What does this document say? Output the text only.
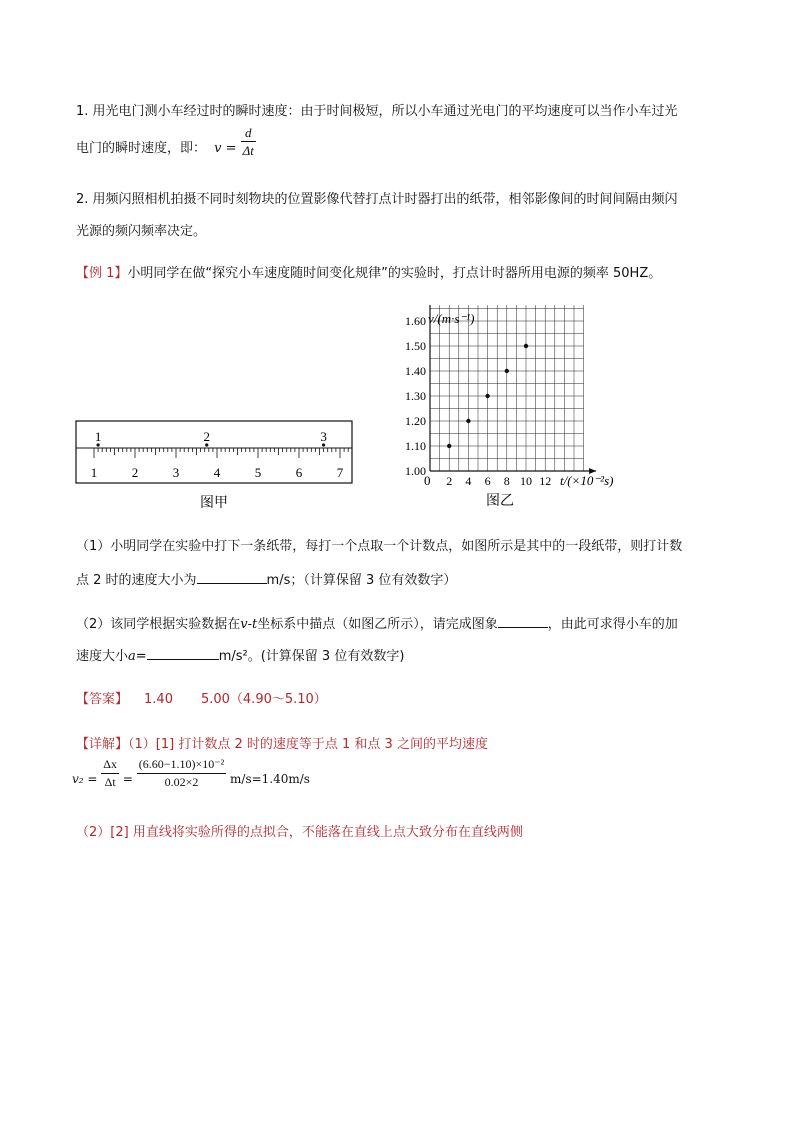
1. 用光电门测小车经过时的瞬时速度：由于时间极短，所以小车通过光电门的平均速度可以当作小车过光
电门的瞬时速度，即： $v = \frac{d}{\Delta t}$
2. 用频闪照相机拍摄不同时刻物块的位置影像代替打点计时器打出的纸带，相邻影像间的时间间隔由频闪
光源的频闪频率决定。
【例 1】小明同学在做“探究小车速度随时间变化规律”的实验时，打点计时器所用电源的频率 50HZ。
1	2	3	4	5	6	7
1	2	3
图甲
1.00
1.10
1.20
1.30
1.40
1.50
1.60
2 4 6 8 10 12
v/(m·s⁻¹)
t/(×10⁻²s)
0
图乙
（1）小明同学在实验中打下一条纸带，每打一个点取一个计数点，如图所示是其中的一段纸带，则打计数
点 2 时的速度大小为	m/s；（计算保留 3 位有效数字）
（2）该同学根据实验数据在v-t坐标系中描点（如图乙所示），请完成图象	，由此可求得小车的加
速度大小a=	m/s²。(计算保留 3 位有效数字)
【答案】 1.40 5.00（4.90～5.10）
【详解】（1）[1] 打计数点 2 时的速度等于点 1 和点 3 之间的平均速度
$v_2 = \frac{\Delta x}{\Delta t} = \frac{\text{(6.60−1.10)×10⁻²}}{0.02\times 2} m/s=1.40m/s$
（2）[2] 用直线将实验所得的点拟合，不能落在直线上点大致分布在直线两侧
